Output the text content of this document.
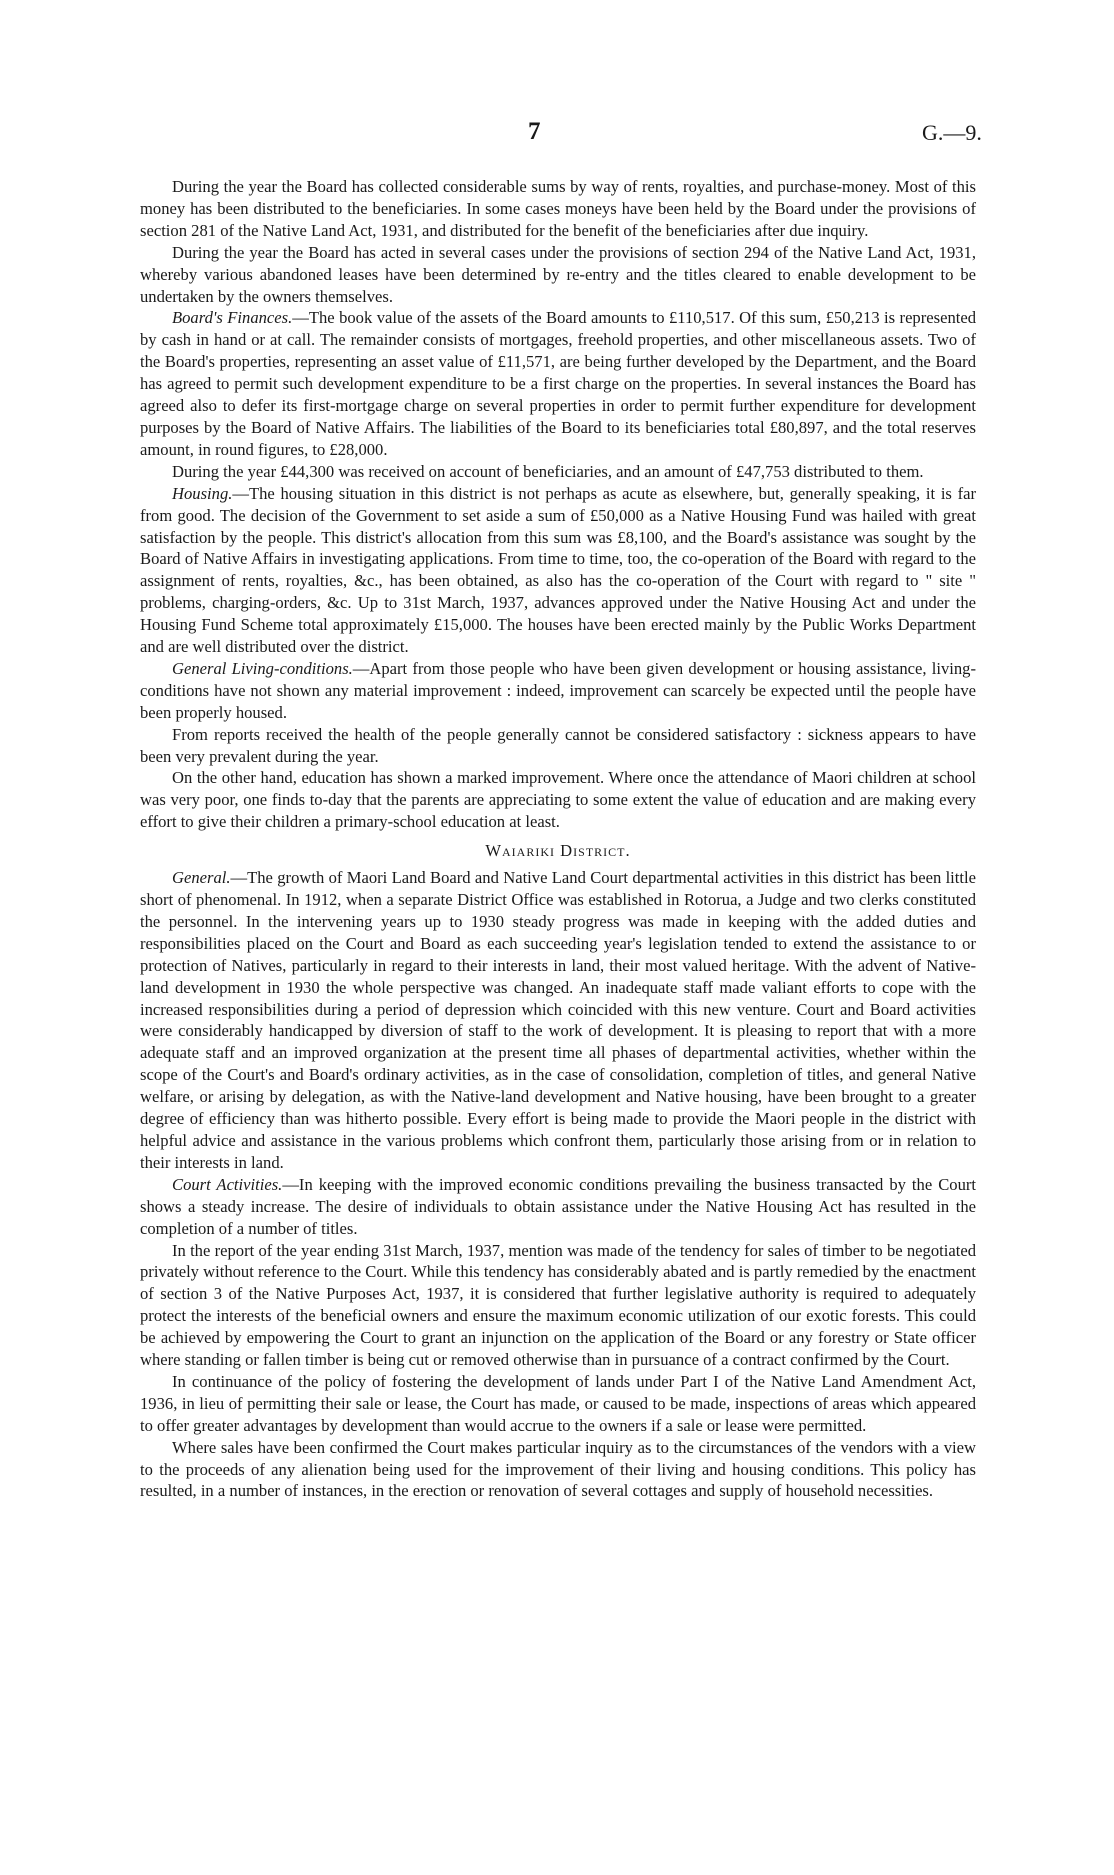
7	G.—9.

During the year the Board has collected considerable sums by way of rents, royalties, and purchase-money. Most of this money has been distributed to the beneficiaries. In some cases moneys have been held by the Board under the provisions of section 281 of the Native Land Act, 1931, and distributed for the benefit of the beneficiaries after due inquiry.

During the year the Board has acted in several cases under the provisions of section 294 of the Native Land Act, 1931, whereby various abandoned leases have been determined by re-entry and the titles cleared to enable development to be undertaken by the owners themselves.

Board's Finances.—The book value of the assets of the Board amounts to £110,517. Of this sum, £50,213 is represented by cash in hand or at call. The remainder consists of mortgages, freehold properties, and other miscellaneous assets. Two of the Board's properties, representing an asset value of £11,571, are being further developed by the Department, and the Board has agreed to permit such development expenditure to be a first charge on the properties. In several instances the Board has agreed also to defer its first-mortgage charge on several properties in order to permit further expenditure for development purposes by the Board of Native Affairs. The liabilities of the Board to its beneficiaries total £80,897, and the total reserves amount, in round figures, to £28,000.

During the year £44,300 was received on account of beneficiaries, and an amount of £47,753 distributed to them.

Housing.—The housing situation in this district is not perhaps as acute as elsewhere, but, generally speaking, it is far from good. The decision of the Government to set aside a sum of £50,000 as a Native Housing Fund was hailed with great satisfaction by the people. This district's allocation from this sum was £8,100, and the Board's assistance was sought by the Board of Native Affairs in investigating applications. From time to time, too, the co-operation of the Board with regard to the assignment of rents, royalties, &c., has been obtained, as also has the co-operation of the Court with regard to " site " problems, charging-orders, &c. Up to 31st March, 1937, advances approved under the Native Housing Act and under the Housing Fund Scheme total approximately £15,000. The houses have been erected mainly by the Public Works Department and are well distributed over the district.

General Living-conditions.—Apart from those people who have been given development or housing assistance, living-conditions have not shown any material improvement : indeed, improvement can scarcely be expected until the people have been properly housed.

From reports received the health of the people generally cannot be considered satisfactory : sickness appears to have been very prevalent during the year.

On the other hand, education has shown a marked improvement. Where once the attendance of Maori children at school was very poor, one finds to-day that the parents are appreciating to some extent the value of education and are making every effort to give their children a primary-school education at least.

Waiariki District.

General.—The growth of Maori Land Board and Native Land Court departmental activities in this district has been little short of phenomenal. In 1912, when a separate District Office was established in Rotorua, a Judge and two clerks constituted the personnel. In the intervening years up to 1930 steady progress was made in keeping with the added duties and responsibilities placed on the Court and Board as each succeeding year's legislation tended to extend the assistance to or protection of Natives, particularly in regard to their interests in land, their most valued heritage. With the advent of Native-land development in 1930 the whole perspective was changed. An inadequate staff made valiant efforts to cope with the increased responsibilities during a period of depression which coincided with this new venture. Court and Board activities were considerably handicapped by diversion of staff to the work of development. It is pleasing to report that with a more adequate staff and an improved organization at the present time all phases of departmental activities, whether within the scope of the Court's and Board's ordinary activities, as in the case of consolidation, completion of titles, and general Native welfare, or arising by delegation, as with the Native-land development and Native housing, have been brought to a greater degree of efficiency than was hitherto possible. Every effort is being made to provide the Maori people in the district with helpful advice and assistance in the various problems which confront them, particularly those arising from or in relation to their interests in land.

Court Activities.—In keeping with the improved economic conditions prevailing the business transacted by the Court shows a steady increase. The desire of individuals to obtain assistance under the Native Housing Act has resulted in the completion of a number of titles.

In the report of the year ending 31st March, 1937, mention was made of the tendency for sales of timber to be negotiated privately without reference to the Court. While this tendency has considerably abated and is partly remedied by the enactment of section 3 of the Native Purposes Act, 1937, it is considered that further legislative authority is required to adequately protect the interests of the beneficial owners and ensure the maximum economic utilization of our exotic forests. This could be achieved by empowering the Court to grant an injunction on the application of the Board or any forestry or State officer where standing or fallen timber is being cut or removed otherwise than in pursuance of a contract confirmed by the Court.

In continuance of the policy of fostering the development of lands under Part I of the Native Land Amendment Act, 1936, in lieu of permitting their sale or lease, the Court has made, or caused to be made, inspections of areas which appeared to offer greater advantages by development than would accrue to the owners if a sale or lease were permitted.

Where sales have been confirmed the Court makes particular inquiry as to the circumstances of the vendors with a view to the proceeds of any alienation being used for the improvement of their living and housing conditions. This policy has resulted, in a number of instances, in the erection or renovation of several cottages and supply of household necessities.
